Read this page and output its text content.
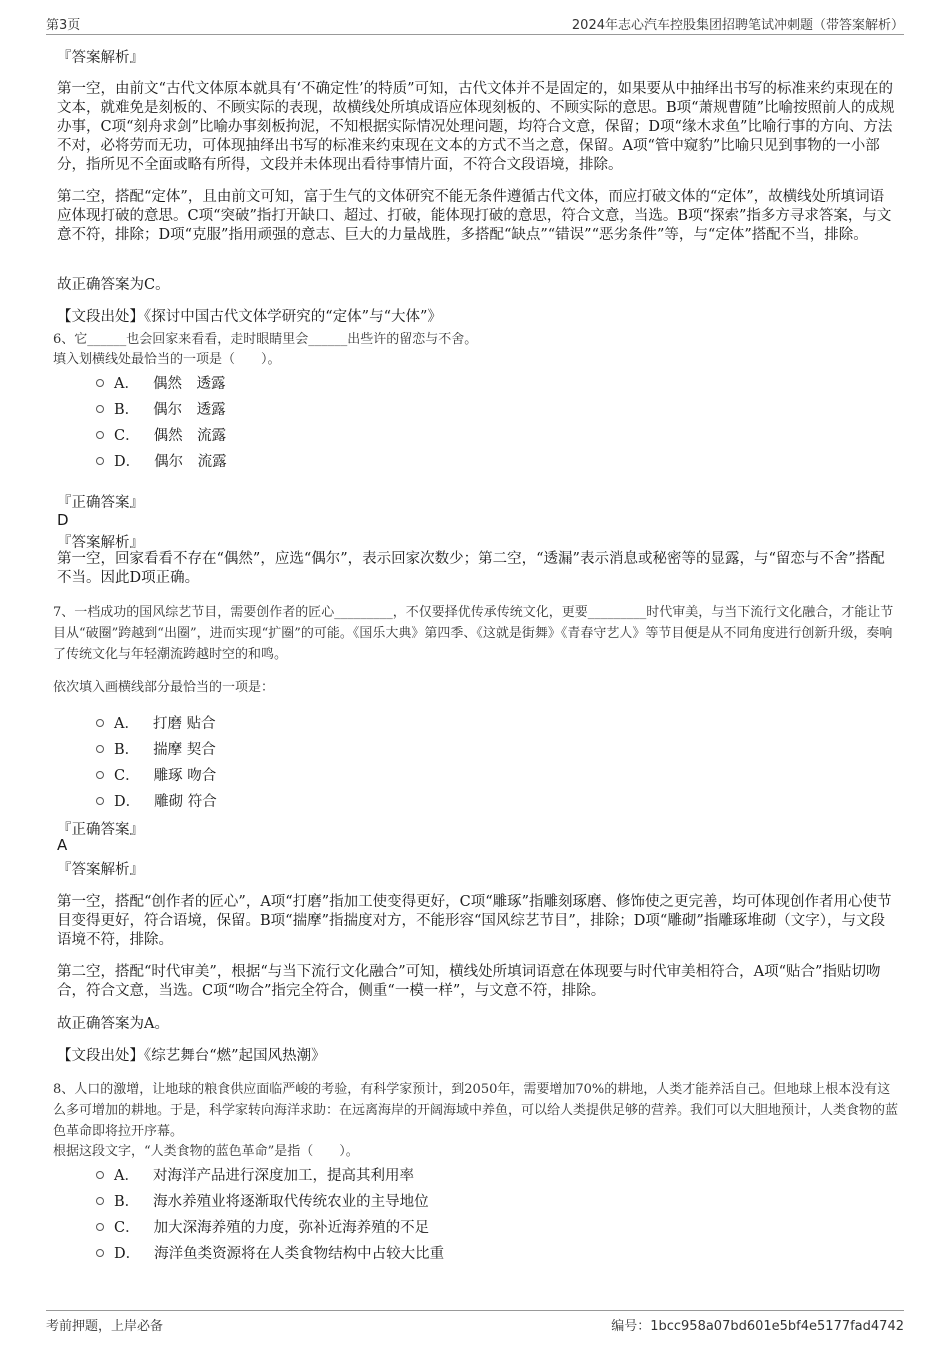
第3页	2024年志心汽车控股集团招聘笔试冲刺题（带答案解析）
『答案解析』
第一空，由前文“古代文体原本就具有‘不确定性’的特质”可知，古代文体并不是固定的，如果要从中抽绎出书写的标准来约束现在的文本，就难免是刻板的、不顾实际的表现，故横线处所填成语应体现刻板的、不顾实际的意思。B项“萧规曹随”比喻按照前人的成规办事，C项“刻舟求剑”比喻办事刻板拘泥，不知根据实际情况处理问题，均符合文意，保留；D项“缘木求鱼”比喻行事的方向、方法不对，必将劳而无功，可体现抽绎出书写的标准来约束现在文本的方式不当之意，保留。A项“管中窥豹”比喻只见到事物的一小部分，指所见不全面或略有所得，文段并未体现出看待事情片面，不符合文段语境，排除。
第二空，搭配“定体”，且由前文可知，富于生气的文体研究不能无条件遵循古代文体，而应打破文体的“定体”，故横线处所填词语应体现打破的意思。C项“突破”指打开缺口、超过、打破，能体现打破的意思，符合文意，当选。B项“探索”指多方寻求答案，与文意不符，排除；D项“克服”指用顽强的意志、巨大的力量战胜，多搭配“缺点”“错误”“恶劣条件”等，与“定体”搭配不当，排除。
故正确答案为C。
【文段出处】《探讨中国古代文体学研究的“定体”与“大体”》
6、它______也会回家来看看，走时眼睛里会______出些许的留恋与不舍。
填入划横线处最恰当的一项是（　　）。
A． 偶然　透露
B． 偶尔　透露
C． 偶然　流露
D． 偶尔　流露
『正确答案』
D
『答案解析』
第一空，回家看看不存在“偶然”，应选“偶尔”，表示回家次数少；第二空，“透漏”表示消息或秘密等的显露，与“留恋与不舍”搭配不当。因此D项正确。
7、一档成功的国风综艺节目，需要创作者的匠心_________，不仅要择优传承传统文化，更要_________时代审美，与当下流行文化融合，才能让节目从“破圈”跨越到“出圈”，进而实现“扩圈”的可能。《国乐大典》第四季、《这就是街舞》《青春守艺人》等节目便是从不同角度进行创新升级，奏响了传统文化与年轻潮流跨越时空的和鸣。
依次填入画横线部分最恰当的一项是：
A． 打磨 贴合
B． 揣摩 契合
C． 雕琢 吻合
D． 雕砌 符合
『正确答案』
A
『答案解析』
第一空，搭配“创作者的匠心”，A项“打磨”指加工使变得更好，C项“雕琢”指雕刻琢磨、修饰使之更完善，均可体现创作者用心使节目变得更好，符合语境，保留。B项“揣摩”指揣度对方，不能形容“国风综艺节目”，排除；D项“雕砌”指雕琢堆砌（文字），与文段语境不符，排除。
第二空，搭配“时代审美”，根据“与当下流行文化融合”可知，横线处所填词语意在体现要与时代审美相符合，A项“贴合”指贴切吻合，符合文意，当选。C项“吻合”指完全符合，侧重“一模一样”，与文意不符，排除。
故正确答案为A。
【文段出处】《综艺舞台“燃”起国风热潮》
8、人口的激增，让地球的粮食供应面临严峻的考验，有科学家预计，到2050年，需要增加70%的耕地，人类才能养活自己。但地球上根本没有这么多可增加的耕地。于是，科学家转向海洋求助：在远离海岸的开阔海域中养鱼，可以给人类提供足够的营养。我们可以大胆地预计，人类食物的蓝色革命即将拉开序幕。
根据这段文字，“人类食物的蓝色革命”是指（　　）。
A． 对海洋产品进行深度加工，提高其利用率
B． 海水养殖业将逐渐取代传统农业的主导地位
C． 加大深海养殖的力度，弥补近海养殖的不足
D． 海洋鱼类资源将在人类食物结构中占较大比重
考前押题，上岸必备	编号：1bcc958a07bd601e5bf4e5177fad4742
